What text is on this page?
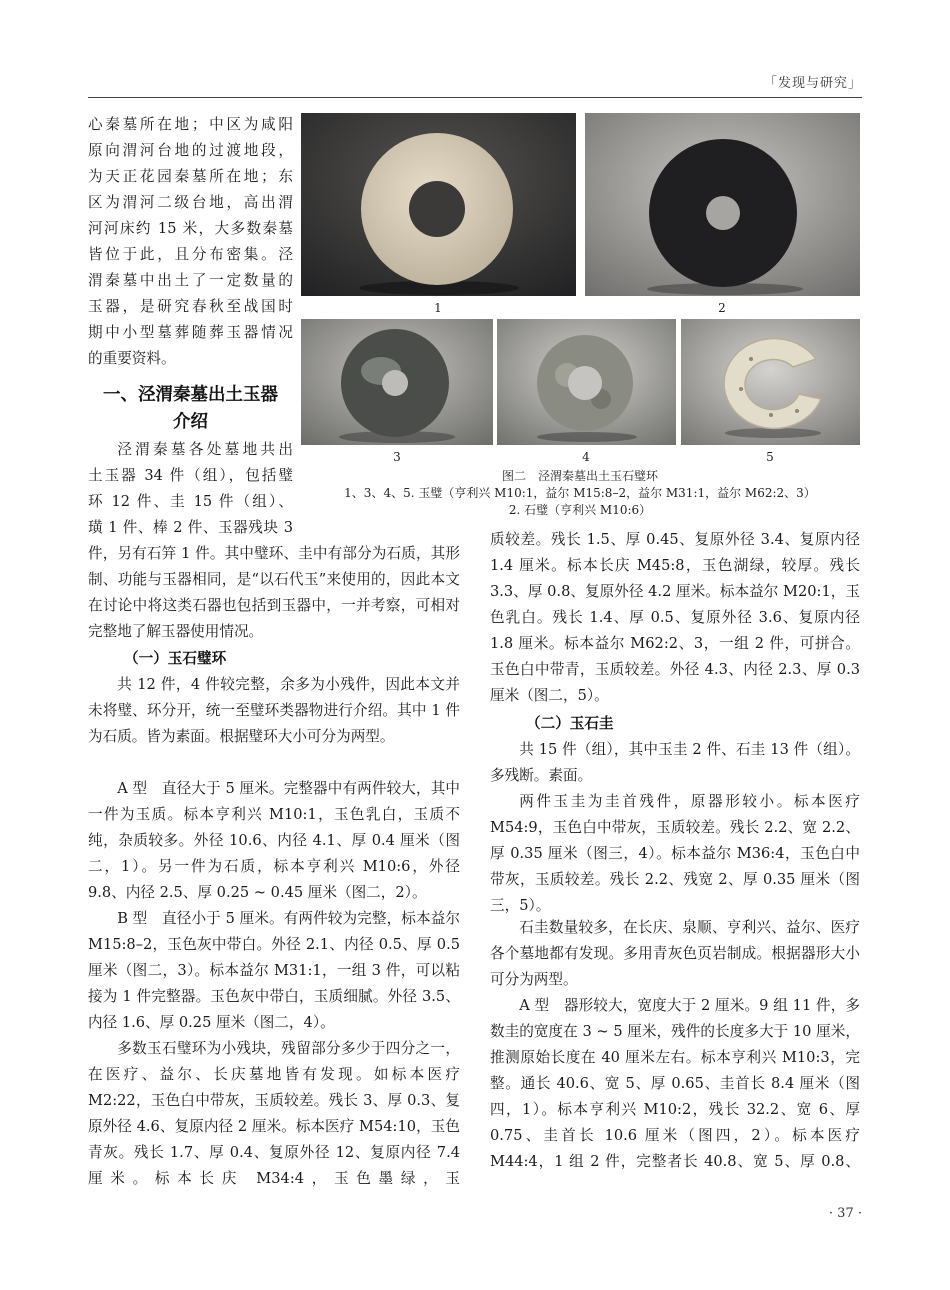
「发现与研究」

心秦墓所在地；中区为咸阳

原向渭河台地的过渡地段，

为天正花园秦墓所在地；东

区为渭河二级台地，高出渭

河河床约 15 米，大多数秦墓

皆位于此，且分布密集。泾

渭秦墓中出土了一定数量的

玉器，是研究春秋至战国时

期中小型墓葬随葬玉器情况

的重要资料。

一、泾渭秦墓出土玉器
介绍

泾渭秦墓各处墓地共出

土玉器 34 件（组），包括璧

环 12 件、圭 15 件（组）、

璜 1 件、棒 2 件、玉器残块 3

件，另有石笄 1 件。其中璧环、圭中有部分为石质，其形制、功能与玉器相同，是“以石代玉”来使用的，因此本文在讨论中将这类石器也包括到玉器中，一并考察，可相对完整地了解玉器使用情况。

（一）玉石璧环

共 12 件，4 件较完整，余多为小残件，因此本文并未将璧、环分开，统一至璧环类器物进行介绍。其中 1 件为石质。皆为素面。根据璧环大小可分为两型。

A 型　直径大于 5 厘米。完整器中有两件较大，其中一件为玉质。标本亨利兴 M10:1，玉色乳白，玉质不纯，杂质较多。外径 10.6、内径 4.1、厚 0.4 厘米（图二，1）。另一件为石质，标本亨利兴 M10:6，外径 9.8、内径 2.5、厚 0.25 ~ 0.45 厘米（图二，2）。

B 型　直径小于 5 厘米。有两件较为完整，标本益尔 M15:8–2，玉色灰中带白。外径 2.1、内径 0.5、厚 0.5 厘米（图二，3）。标本益尔 M31:1，一组 3 件，可以粘接为 1 件完整器。玉色灰中带白，玉质细腻。外径 3.5、内径 1.6、厚 0.25 厘米（图二，4）。

多数玉石璧环为小残块，残留部分多少于四分之一，在医疗、益尔、长庆墓地皆有发现。如标本医疗 M2:22，玉色白中带灰，玉质较差。残长 3、厚 0.3、复原外径 4.6、复原内径 2 厘米。标本医疗 M54:10，玉色青灰。残长 1.7、厚 0.4、复原外径 12、复原内径 7.4 厘米。标本长庆 M34:4，玉色墨绿，玉

1	2
3	4	5
图二　泾渭秦墓出土玉石璧环
1、3、4、5. 玉璧（亨利兴 M10:1，益尔 M15:8–2，益尔 M31:1，益尔 M62:2、3）
2. 石璧（亨利兴 M10:6）

质较差。残长 1.5、厚 0.45、复原外径 3.4、复原内径 1.4 厘米。标本长庆 M45:8，玉色湖绿，较厚。残长 3.3、厚 0.8、复原外径 4.2 厘米。标本益尔 M20:1，玉色乳白。残长 1.4、厚 0.5、复原外径 3.6、复原内径 1.8 厘米。标本益尔 M62:2、3，一组 2 件，可拼合。玉色白中带青，玉质较差。外径 4.3、内径 2.3、厚 0.3 厘米（图二，5）。

（二）玉石圭

共 15 件（组），其中玉圭 2 件、石圭 13 件（组）。多残断。素面。

两件玉圭为圭首残件，原器形较小。标本医疗 M54:9，玉色白中带灰，玉质较差。残长 2.2、宽 2.2、厚 0.35 厘米（图三，4）。标本益尔 M36:4，玉色白中带灰，玉质较差。残长 2.2、残宽 2、厚 0.35 厘米（图三，5）。

石圭数量较多，在长庆、泉顺、亨利兴、益尔、医疗各个墓地都有发现。多用青灰色页岩制成。根据器形大小可分为两型。

A 型　器形较大，宽度大于 2 厘米。9 组 11 件，多数圭的宽度在 3 ~ 5 厘米，残件的长度多大于 10 厘米，推测原始长度在 40 厘米左右。标本亨利兴 M10:3，完整。通长 40.6、宽 5、厚 0.65、圭首长 8.4 厘米（图四，1）。标本亨利兴 M10:2，残长 32.2、宽 6、厚 0.75、圭首长 10.6 厘米（图四，2）。标本医疗 M44:4，1 组 2 件，完整者长 40.8、宽 5、厚 0.8、

· 37 ·
